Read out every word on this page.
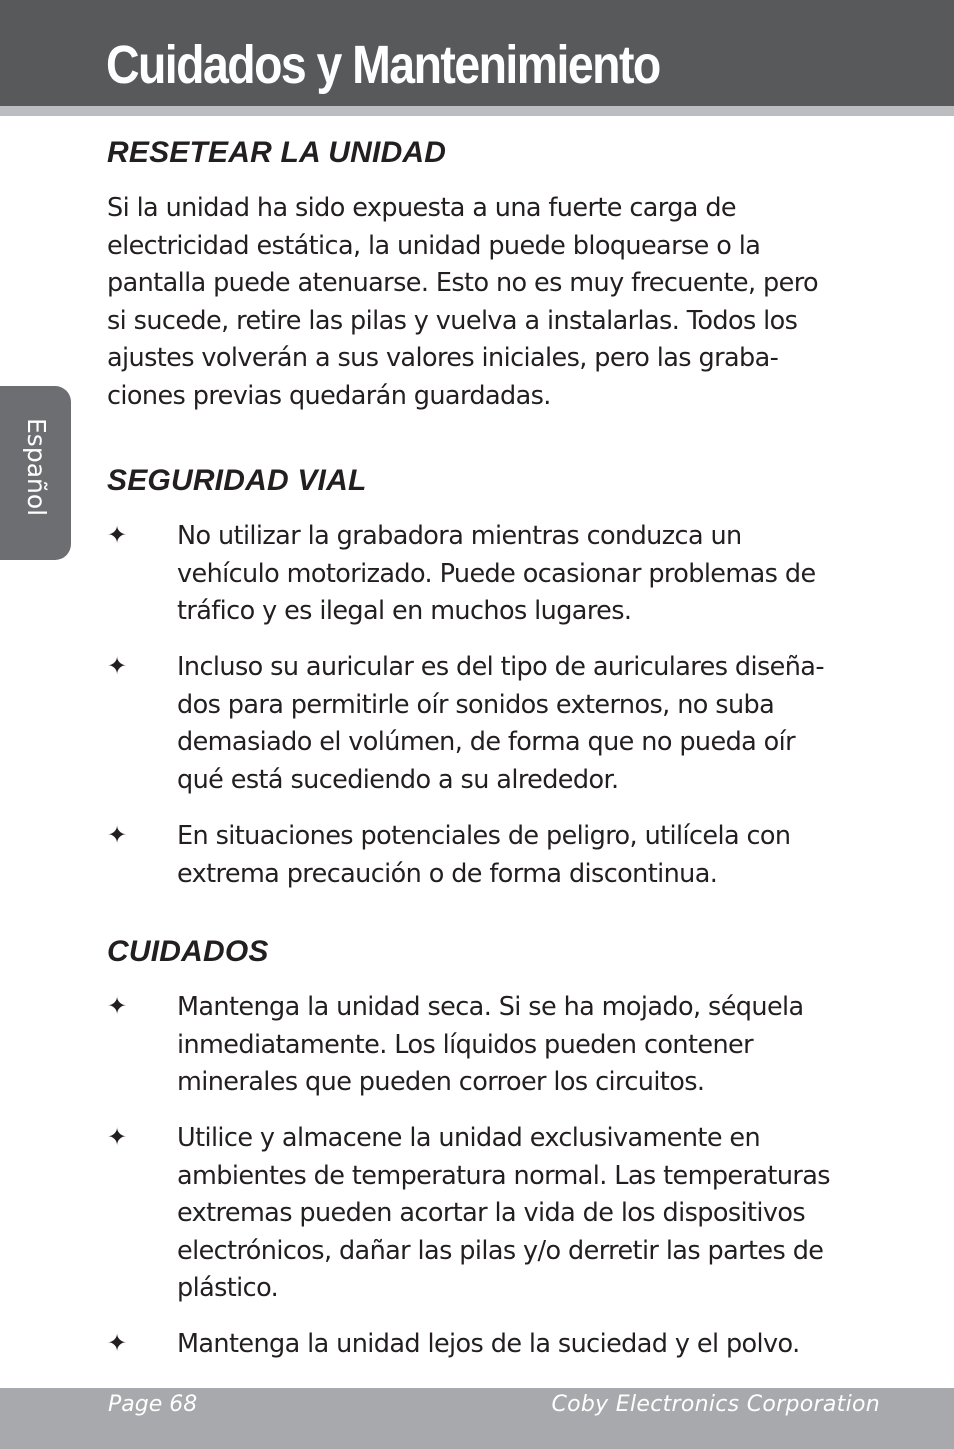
Cuidados y Mantenimiento
Español
RESETEAR LA UNIDAD
Si la unidad ha sido expuesta a una fuerte carga de
electricidad estática, la unidad puede bloquearse o la
pantalla puede atenuarse. Esto no es muy frecuente, pero
si sucede, retire las pilas y vuelva a instalarlas. Todos los
ajustes volverán a sus valores iniciales, pero las graba-
ciones previas quedarán guardadas.
SEGURIDAD VIAL
✦	No utilizar la grabadora mientras conduzca un
vehículo motorizado. Puede ocasionar problemas de
tráfico y es ilegal en muchos lugares.
✦	Incluso su auricular es del tipo de auriculares diseña-
dos para permitirle oír sonidos externos, no suba
demasiado el volúmen, de forma que no pueda oír
qué está sucediendo a su alrededor.
✦	En situaciones potenciales de peligro, utilícela con
extrema precaución o de forma discontinua.
CUIDADOS
✦	Mantenga la unidad seca. Si se ha mojado, séquela
inmediatamente. Los líquidos pueden contener
minerales que pueden corroer los circuitos.
✦	Utilice y almacene la unidad exclusivamente en
ambientes de temperatura normal. Las temperaturas
extremas pueden acortar la vida de los dispositivos
electrónicos, dañar las pilas y/o derretir las partes de
plástico.
✦	Mantenga la unidad lejos de la suciedad y el polvo.
Page 68	Coby Electronics Corporation
